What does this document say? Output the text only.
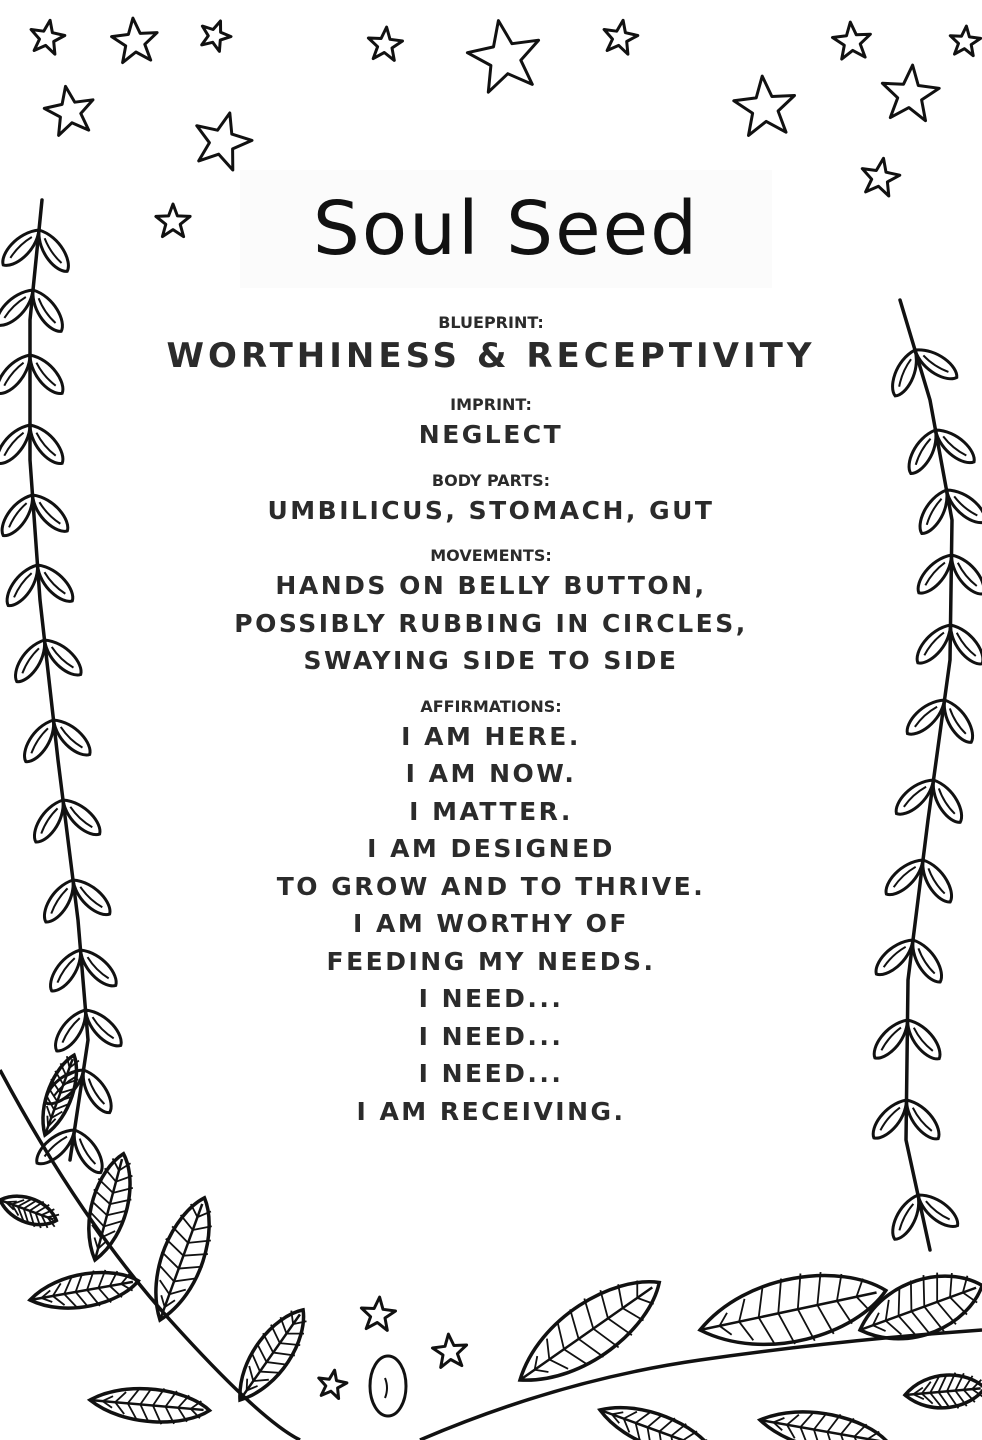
Soul Seed
BLUEPRINT:
WORTHINESS & RECEPTIVITY
IMPRINT:
NEGLECT
BODY PARTS:
UMBILICUS, STOMACH, GUT
MOVEMENTS:
HANDS ON BELLY BUTTON,
POSSIBLY RUBBING IN CIRCLES,
SWAYING SIDE TO SIDE
AFFIRMATIONS:
I AM HERE.
I AM NOW.
I MATTER.
I AM DESIGNED
TO GROW AND TO THRIVE.
I AM WORTHY OF
FEEDING MY NEEDS.
I NEED...
I NEED...
I NEED...
I AM RECEIVING.
